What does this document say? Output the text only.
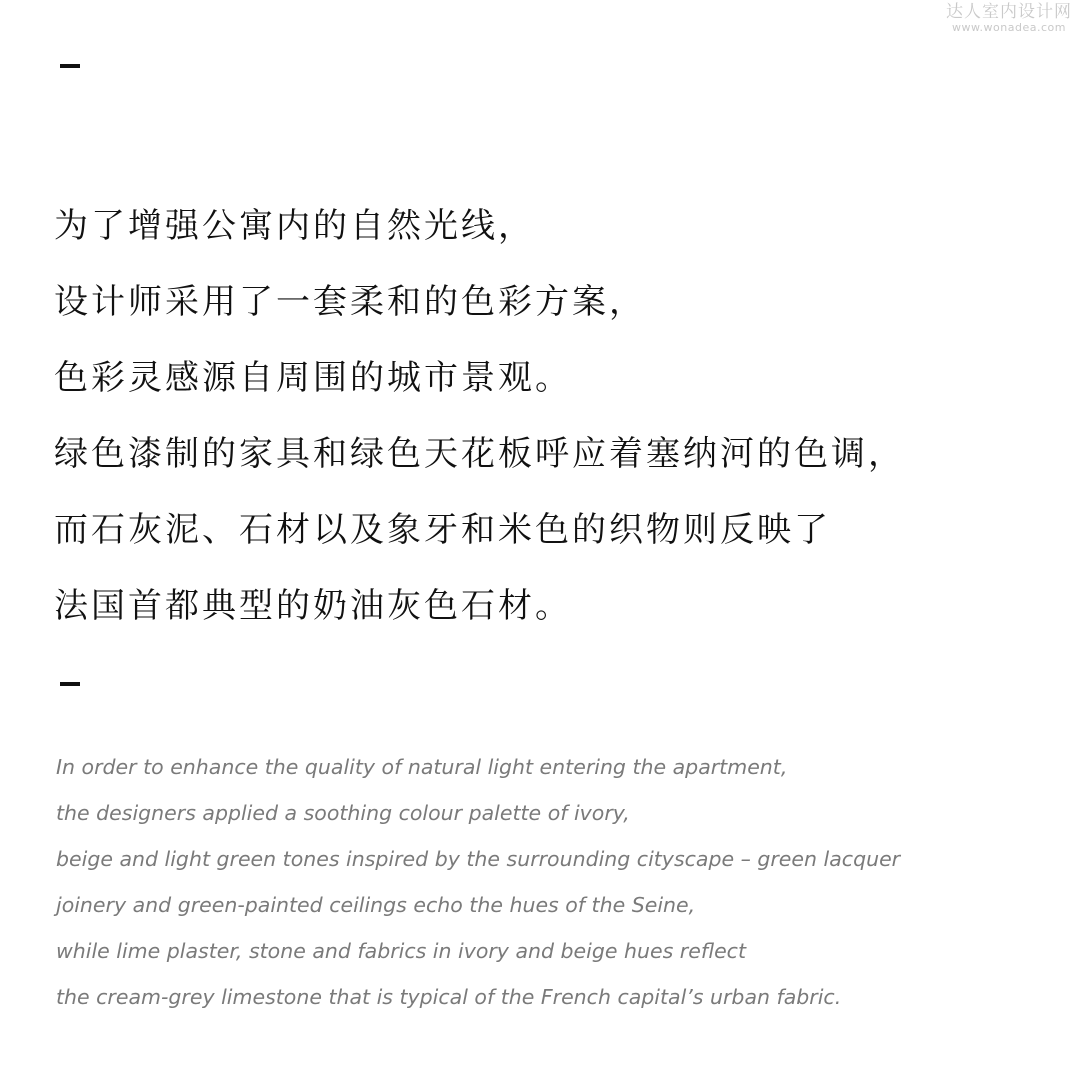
达人室内设计网
www.wonadea.com
为了增强公寓内的自然光线，
设计师采用了一套柔和的色彩方案，
色彩灵感源自周围的城市景观。
绿色漆制的家具和绿色天花板呼应着塞纳河的色调，
而石灰泥、石材以及象牙和米色的织物则反映了
法国首都典型的奶油灰色石材。
In order to enhance the quality of natural light entering the apartment,
the designers applied a soothing colour palette of ivory,
beige and light green tones inspired by the surrounding cityscape – green lacquer
joinery and green-painted ceilings echo the hues of the Seine,
while lime plaster, stone and fabrics in ivory and beige hues reflect
the cream-grey limestone that is typical of the French capital’s urban fabric.
